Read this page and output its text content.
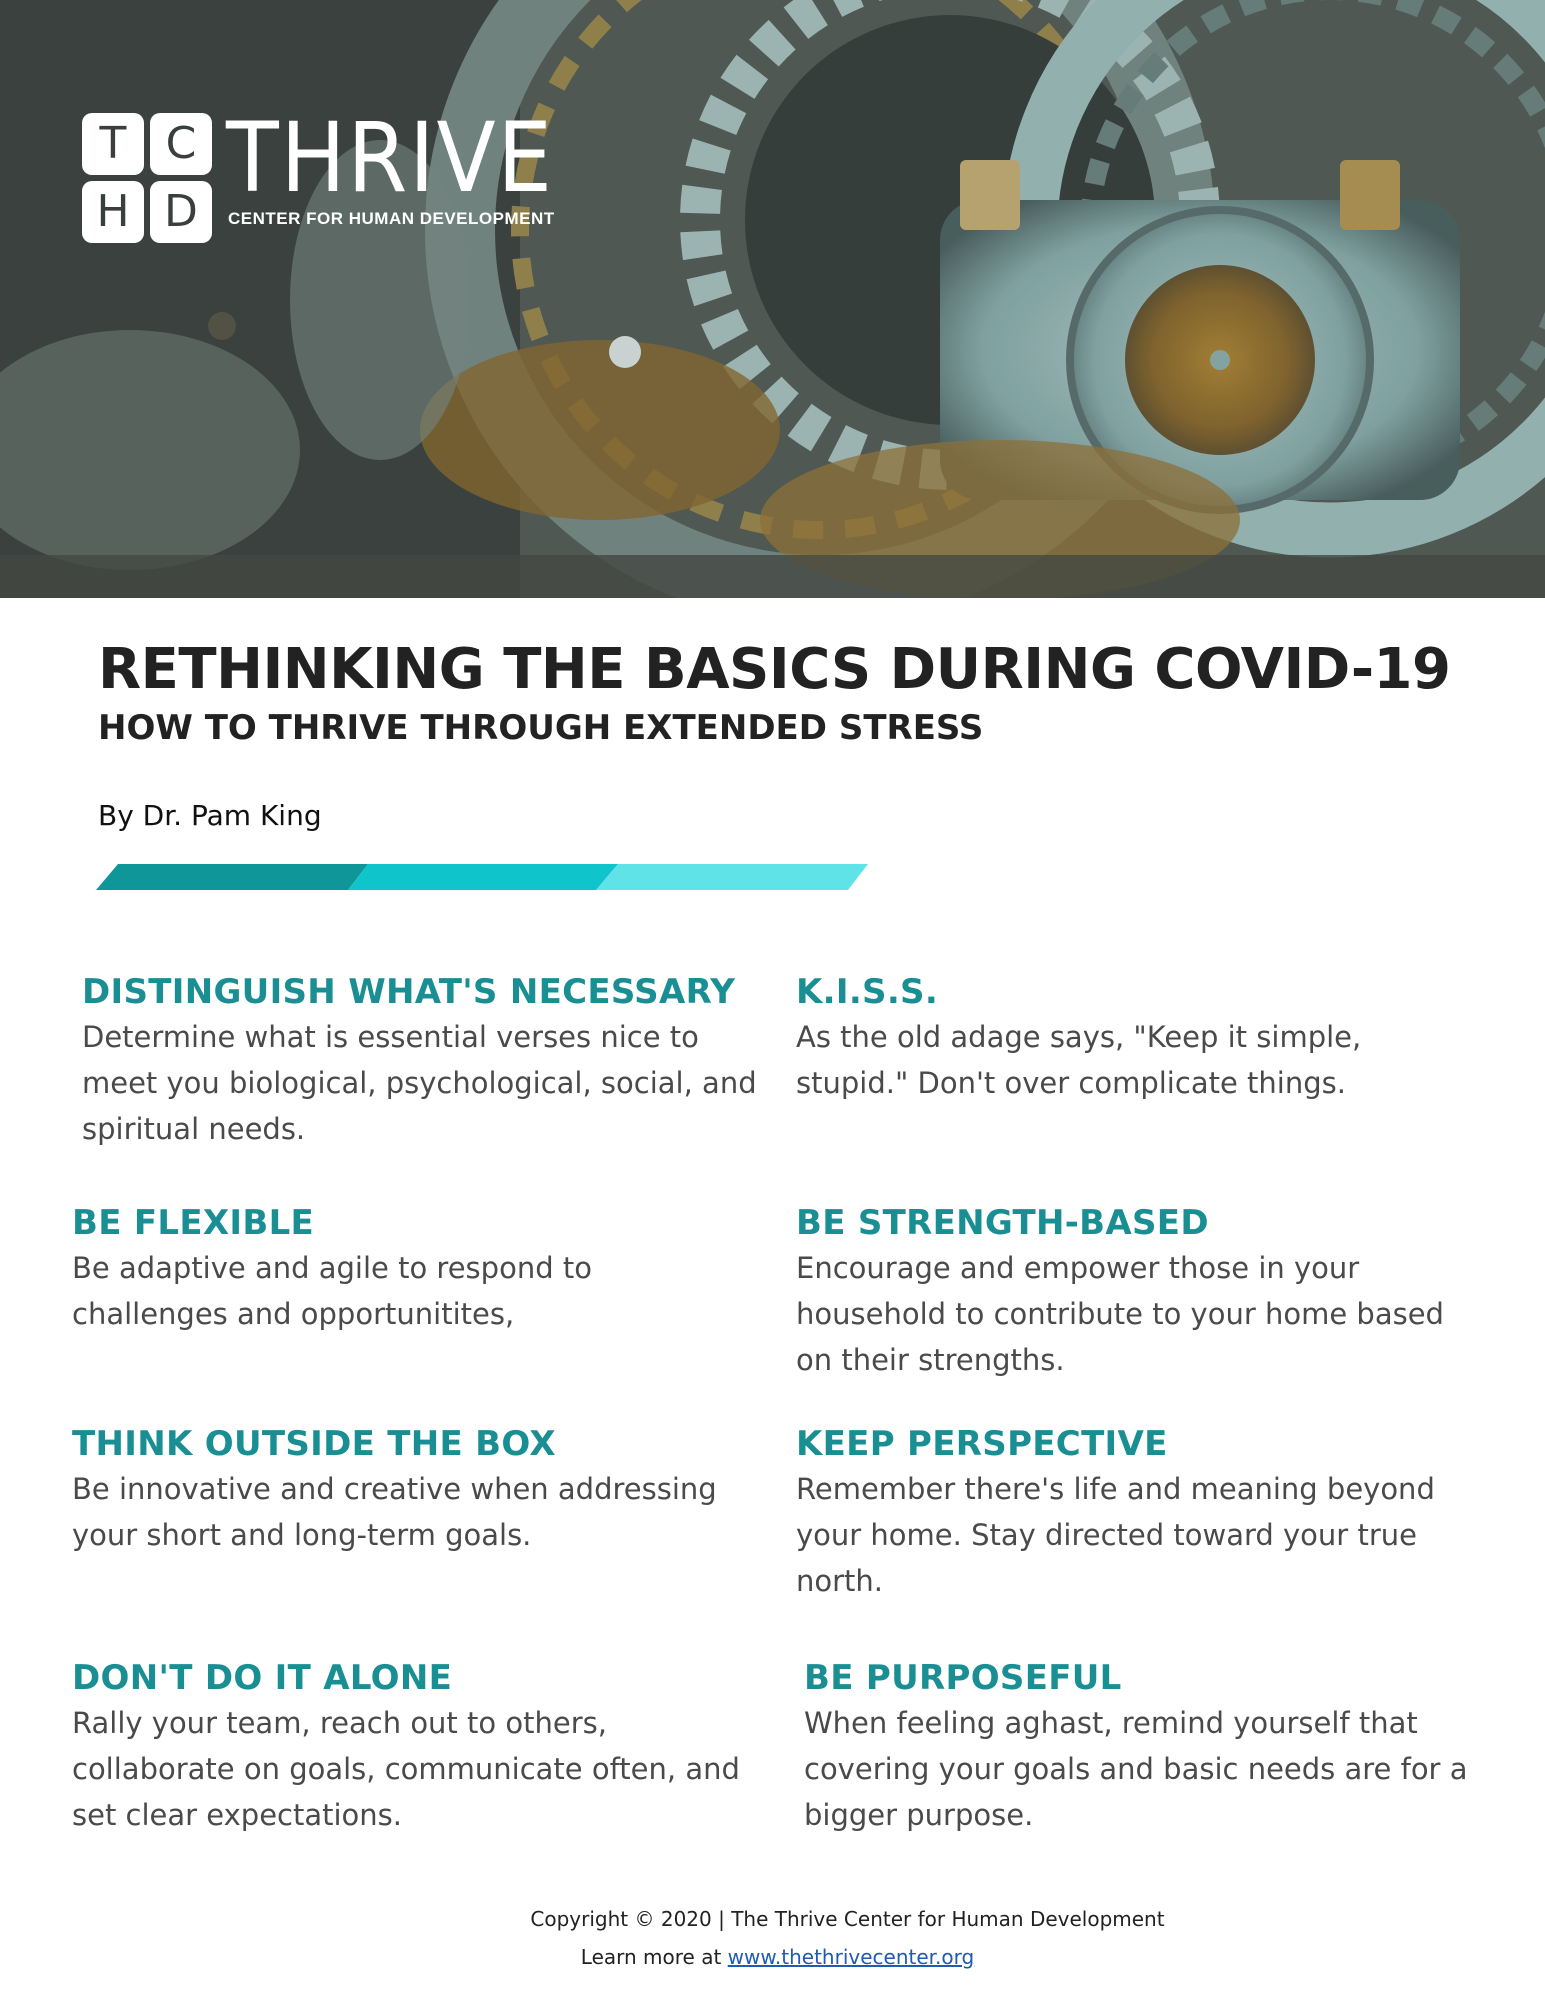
T C
H D THRIVE
CENTER FOR HUMAN DEVELOPMENT
RETHINKING THE BASICS DURING COVID-19
HOW TO THRIVE THROUGH EXTENDED STRESS

By Dr. Pam King

DISTINGUISH WHAT'S NECESSARY

Determine what is essential verses nice to meet you biological, psychological, social, and spiritual needs.

K.I.S.S.

As the old adage says, "Keep it simple, stupid." Don't over complicate things.

BE FLEXIBLE

Be adaptive and agile to respond to challenges and opportunitites,

BE STRENGTH-BASED

Encourage and empower those in your household to contribute to your home based on their strengths.

THINK OUTSIDE THE BOX

Be innovative and creative when addressing your short and long-term goals.

KEEP PERSPECTIVE

Remember there's life and meaning beyond your home. Stay directed toward your true north.

DON'T DO IT ALONE

Rally your team, reach out to others, collaborate on goals, communicate often, and set clear expectations.

BE PURPOSEFUL

When feeling aghast, remind yourself that covering your goals and basic needs are for a bigger purpose.

Copyright © 2020 | The Thrive Center for Human Development

Learn more at www.thethrivecenter.org
